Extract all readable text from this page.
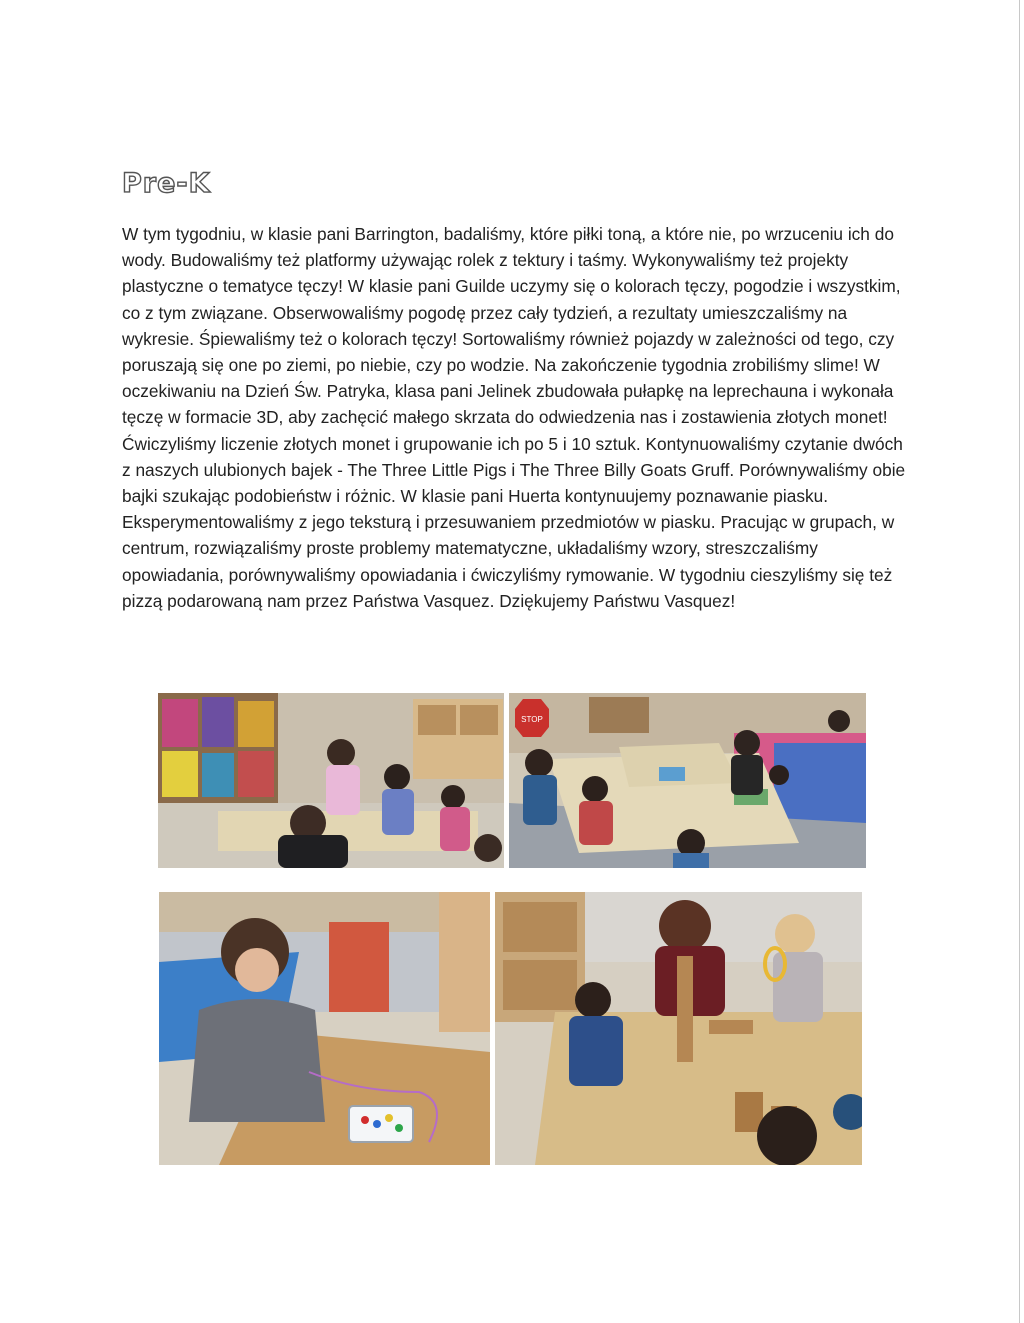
Pre-K

W tym tygodniu, w klasie pani Barrington, badaliśmy, które piłki toną, a które nie, po wrzuceniu ich do wody. Budowaliśmy też platformy używając rolek z tektury i taśmy. Wykonywaliśmy też projekty plastyczne o tematyce tęczy! W klasie pani Guilde uczymy się o kolorach tęczy, pogodzie i wszystkim, co z tym związane. Obserwowaliśmy pogodę przez cały tydzień, a rezultaty umieszczaliśmy na wykresie. Śpiewaliśmy też o kolorach tęczy! Sortowaliśmy również pojazdy w zależności od tego, czy poruszają się one po ziemi, po niebie, czy po wodzie. Na zakończenie tygodnia zrobiliśmy slime! W oczekiwaniu na Dzień Św. Patryka, klasa pani Jelinek zbudowała pułapkę na leprechauna i wykonała tęczę w formacie 3D, aby zachęcić małego skrzata do odwiedzenia nas i zostawienia złotych monet! Ćwiczyliśmy liczenie złotych monet i grupowanie ich po 5 i 10 sztuk. Kontynuowaliśmy czytanie dwóch z naszych ulubionych bajek - The Three Little Pigs i The Three Billy Goats Gruff. Porównywaliśmy obie bajki szukając podobieństw i różnic. W klasie pani Huerta kontynuujemy poznawanie piasku. Eksperymentowaliśmy z jego teksturą i przesuwaniem przedmiotów w piasku. Pracując w grupach, w centrum, rozwiązaliśmy proste problemy matematyczne, układaliśmy wzory, streszczaliśmy opowiadania, porównywaliśmy opowiadania i ćwiczyliśmy rymowanie. W tygodniu cieszyliśmy się też pizzą podarowaną nam przez Państwa Vasquez. Dziękujemy Państwu Vasquez!

STOP
